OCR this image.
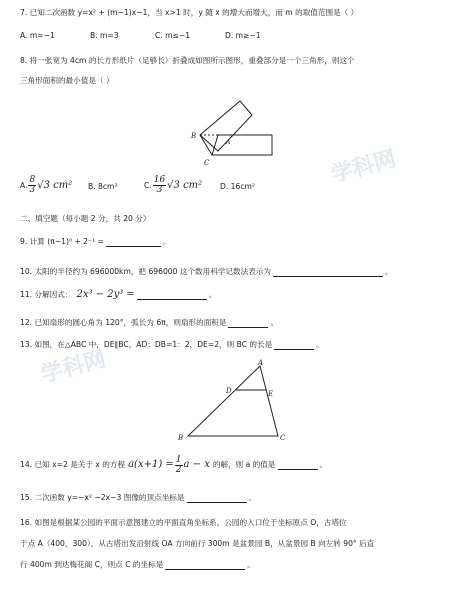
学科网
学科网
7. 已知二次函数 y=x² + (m−1)x−1，当 x>1 时，y 随 x 的增大而增大，而 m 的取值范围是（ ）
A. m=−1	B. m=3	C. m≤−1	D. m≥−1
8. 将一张宽为 4cm 的长方形纸片（足够长）折叠成如图所示图形，重叠部分是一个三角形，则这个
三角形面积的最小值是（ ）
B
A
C
A. $\frac{8}{3} √3$ cm² B. 8cm²	C. $\frac{16}{3} √3$ cm² D. 16cm²
二、填空题（每小题 2 分，共 20 分）
9. 计算 (π−1)⁰ + 2⁻¹ =	。
10. 太阳的半径约为 696000km，把 696000 这个数用科学记数法表示为	。
11. 分解因式： 2x³ − 2y³ =	。
12. 已知扇形的圆心角为 120°，弧长为 6π，则扇形的面积是	。
13. 如图，在△ABC 中，DE∥BC，AD：DB=1：2，DE=2，则 BC 的长是	。
A
D	E
B	C
14. 已知 x=2 是关于 x 的方程 $a(x+1) = \frac{1}{2}$ a − x 的解，则 a 的值是	。
15. 二次函数 y=−x² −2x−3 图像的顶点坐标是	。
16. 如图是根据某公园的平面示意图建立的平面直角坐标系，公园的入口位于坐标原点 O，古塔位
于点 A（400，300），从古塔出发沿射线 OA 方向前行 300m 是盆景园 B，从盆景园 B 向左转 90° 后直
行 400m 到达梅花阁 C，则点 C 的坐标是	。
